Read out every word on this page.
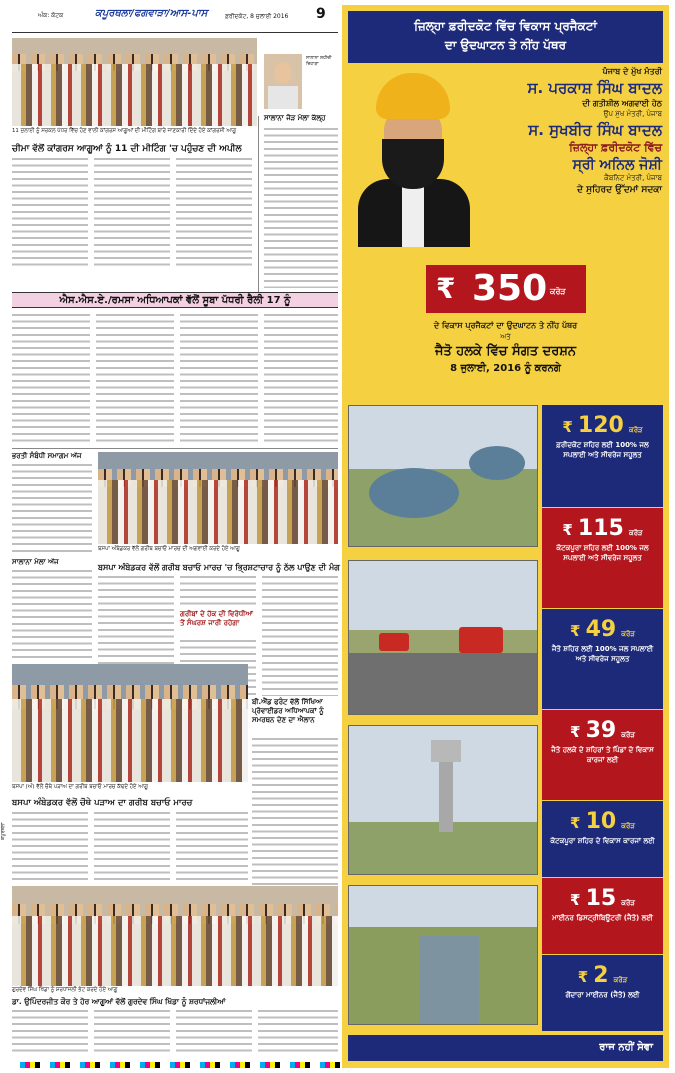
ਅੰਕ: ਕੋਟਕ	ਕਪੂਰਥਲਾ/ਫਗਵਾੜਾ/ਆਸ-ਪਾਸ	ਫ਼ਰੀਦਕੋਟ, 8 ਜੁਲਾਈ 2016 9
ਸਾਲਾਨਾ ਸ਼ਹੀਦੀ ਦਿਹਾੜਾ
11 ਜੁਲਾਈ ਨੂੰ ਸਰਕਲ ਪੱਧਰ ਵਿੱਚ ਹੋਣ ਵਾਲੀ ਕਾਂਗਰਸ ਆਗੂਆਂ ਦੀ ਮੀਟਿੰਗ ਬਾਰੇ ਜਾਣਕਾਰੀ ਦਿੰਦੇ ਹੋਏ ਕਾਂਗਰਸੀ ਆਗੂ
ਚੀਮਾ ਵੱਲੋਂ ਕਾਂਗਰਸ ਆਗੂਆਂ ਨੂੰ 11 ਦੀ ਮੀਟਿੰਗ 'ਚ ਪਹੁੰਚਣ ਦੀ ਅਪੀਲ
ਸਾਲਾਨਾ ਜੋੜ ਮੇਲਾ ਕੱਲ੍ਹ
ਐਸ.ਐਸ.ਏ./ਰਮਸਾ ਅਧਿਆਪਕਾਂ ਵੱਲੋਂ ਸੂਬਾ ਪੱਧਰੀ ਰੈਲੀ 17 ਨੂੰ
ਭਰਤੀ ਸੰਬੰਧੀ ਸਮਾਗਮ ਅੱਜ
ਸਾਲਾਨਾ ਮੇਲਾ ਅੱਜ
ਬਸਪਾ ਅੰਬੇਡਕਰ ਵੱਲੋਂ ਗਰੀਬ ਬਚਾਓ ਮਾਰਚ ਦੀ ਅਗਵਾਈ ਕਰਦੇ ਹੋਏ ਆਗੂ
ਬਸਪਾ ਅੰਬੇਡਕਰ ਵੱਲੋਂ ਗਰੀਬ ਬਚਾਓ ਮਾਰਚ 'ਚ ਭ੍ਰਿਸ਼ਟਾਚਾਰ ਨੂੰ ਠੱਲ ਪਾਉਣ ਦੀ ਮੰਗ
ਗਰੀਬਾਂ ਦੇ ਹੱਕ ਦੀ ਵਿਰੋਧੀਆਂ ਤੋਂ ਸੰਘਰਸ਼ ਜਾਰੀ ਰਹੇਗਾ
ਬੀ.ਐੱਡ ਫਰੰਟ ਵੱਲੋਂ ਸਿੱਖਿਆ ਪ੍ਰੋਵਾਈਡਰ ਅਧਿਆਪਕਾਂ ਨੂੰ ਸਮਰਥਨ ਦੇਣ ਦਾ ਐਲਾਨ
ਬਸਪਾ (ਅੰ) ਵੱਲੋਂ ਚੌਥੇ ਪੜਾਅ ਦਾ ਗਰੀਬ ਬਚਾਓ ਮਾਰਚ ਕੱਢਦੇ ਹੋਏ ਆਗੂ
ਬਸਪਾ ਅੰਬੇਡਕਰ ਵੱਲੋਂ ਚੌਥੇ ਪੜਾਅ ਦਾ ਗਰੀਬ ਬਚਾਓ ਮਾਰਚ
ਗੁਰਦੇਵ ਸਿੰਘ ਖਿੱਡਾ ਨੂੰ ਸ਼ਰਧਾਂਜਲੀ ਭੇਟ ਕਰਦੇ ਹੋਏ ਆਗੂ
ਡਾ. ਉਪਿੰਦਰਜੀਤ ਕੌਰ ਤੇ ਹੋਰ ਆਗੂਆਂ ਵੱਲੋਂ ਗੁਰਦੇਵ ਸਿੰਘ ਖਿੱਡਾ ਨੂੰ ਸ਼ਰਧਾਂਜਲੀਆਂ
ਕਪੂਰਥਲਾ
ਜ਼ਿਲ੍ਹਾ ਫ਼ਰੀਦਕੋਟ ਵਿੱਚ ਵਿਕਾਸ ਪ੍ਰਜੈਕਟਾਂ
ਦਾ ਉਦਘਾਟਨ ਤੇ ਨੀਂਹ ਪੱਥਰ
ਪੰਜਾਬ ਦੇ ਮੁੱਖ ਮੰਤਰੀ
ਸ. ਪਰਕਾਸ਼ ਸਿੰਘ ਬਾਦਲ
ਦੀ ਗਤੀਸ਼ੀਲ ਅਗਵਾਈ ਹੇਠ
ਉਪ ਮੁੱਖ ਮੰਤਰੀ, ਪੰਜਾਬ
ਸ. ਸੁਖਬੀਰ ਸਿੰਘ ਬਾਦਲ
ਜ਼ਿਲ੍ਹਾ ਫ਼ਰੀਦਕੋਟ ਵਿੱਚ
ਸ੍ਰੀ ਅਨਿਲ ਜੋਸ਼ੀ
ਕੈਬਨਿਟ ਮੰਤਰੀ, ਪੰਜਾਬ
ਦੇ ਸੁਹਿਰਦ ਉੱਦਮਾਂ ਸਦਕਾ
₹ 350 ਕਰੋੜ
ਦੇ ਵਿਕਾਸ ਪ੍ਰਜੈਕਟਾਂ ਦਾ ਉਦਘਾਟਨ ਤੇ ਨੀਂਹ ਪੱਥਰ
ਅਤੇ
ਜੈਤੋ ਹਲਕੇ ਵਿੱਚ ਸੰਗਤ ਦਰਸ਼ਨ
8 ਜੁਲਾਈ, 2016 ਨੂੰ ਕਰਨਗੇ
₹ 120 ਕਰੋੜ
ਫ਼ਰੀਦਕੋਟ ਸ਼ਹਿਰ ਲਈ 100% ਜਲ ਸਪਲਾਈ ਅਤੇ ਸੀਵਰੇਜ ਸਹੂਲਤ
₹ 115 ਕਰੋੜ
ਕੋਟਕਪੂਰਾ ਸ਼ਹਿਰ ਲਈ 100% ਜਲ ਸਪਲਾਈ ਅਤੇ ਸੀਵਰੇਜ ਸਹੂਲਤ
₹ 49 ਕਰੋੜ
ਜੈਤੋ ਸ਼ਹਿਰ ਲਈ 100% ਜਲ ਸਪਲਾਈ ਅਤੇ ਸੀਵਰੇਜ ਸਹੂਲਤ
₹ 39 ਕਰੋੜ
ਜੈਤੋ ਹਲਕੇ ਦੇ ਸ਼ਹਿਰਾਂ ਤੇ ਪਿੰਡਾਂ ਦੇ ਵਿਕਾਸ ਕਾਰਜਾਂ ਲਈ
₹ 10 ਕਰੋੜ
ਕੋਟਕਪੂਰਾ ਸ਼ਹਿਰ ਦੇ ਵਿਕਾਸ ਕਾਰਜਾਂ ਲਈ
₹ 15 ਕਰੋੜ
ਮਾਈਨਰ ਡਿਸਟ੍ਰੀਬਿਊਟਰੀ (ਜੈਤੋ) ਲਈ
₹ 2 ਕਰੋੜ
ਗੋਂਦਾਰਾ ਮਾਈਨਰ (ਜੈਤੋ) ਲਈ
ਰਾਜ ਨਹੀਂ ਸੇਵਾ
